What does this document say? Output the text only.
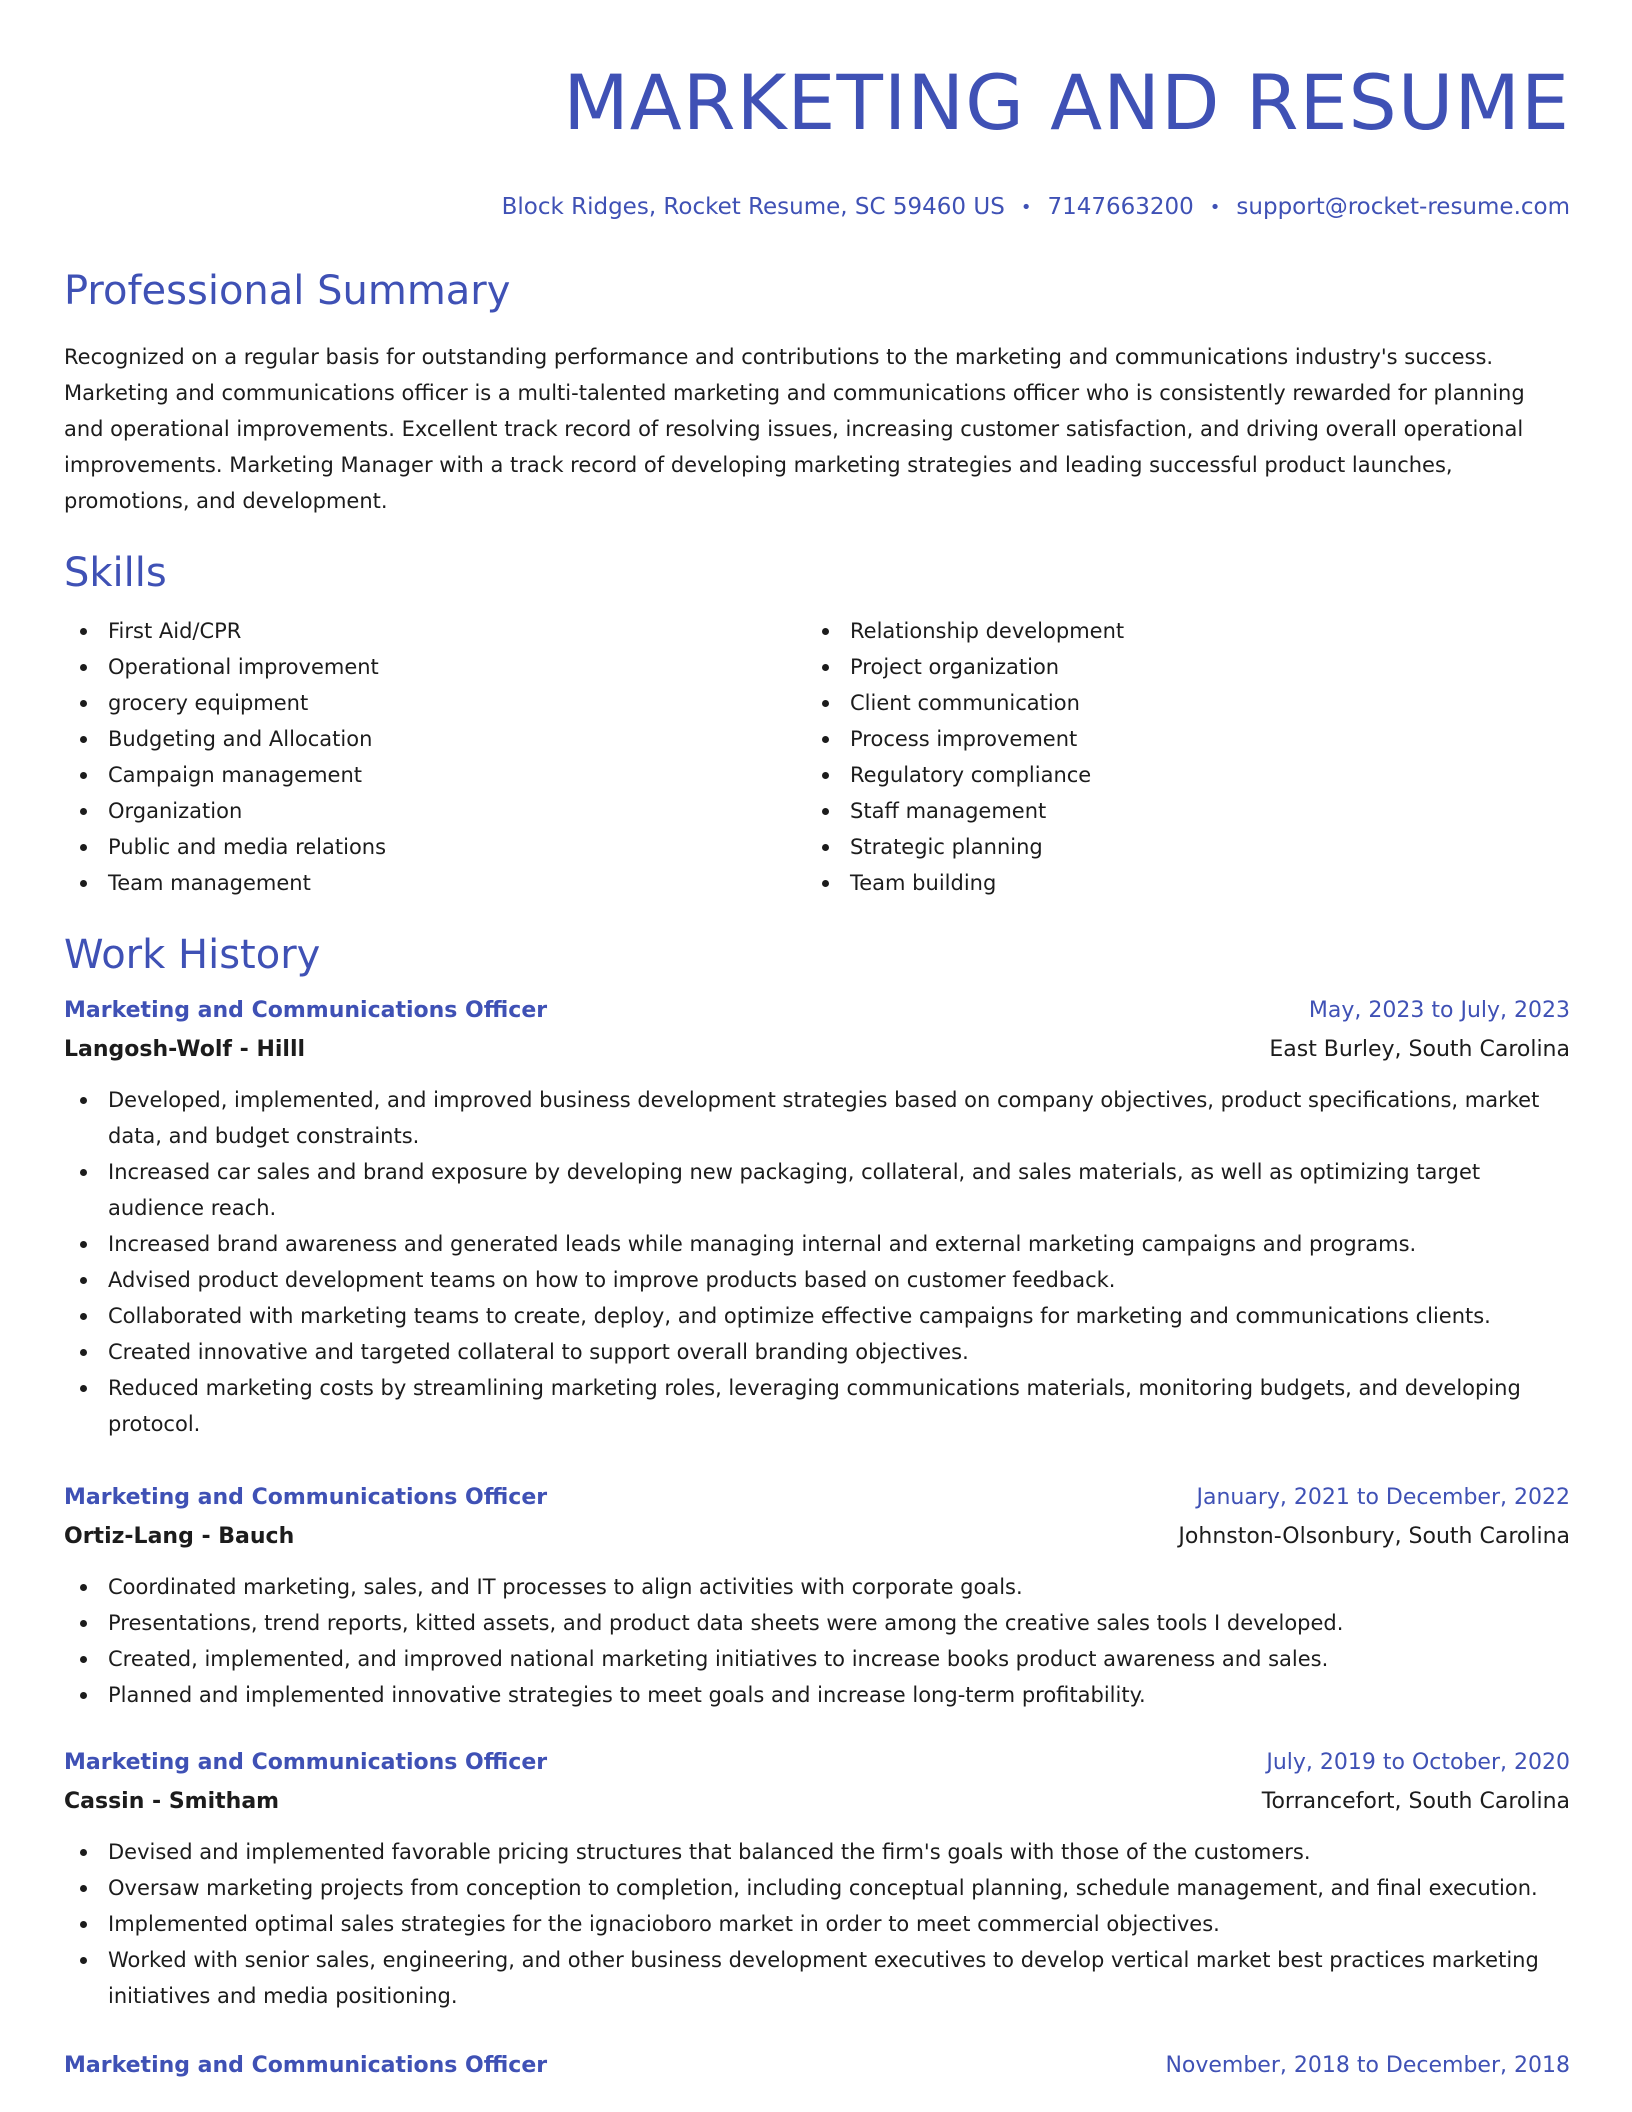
MARKETING AND RESUME
Block Ridges, Rocket Resume, SC 59460 US • 7147663200 • support@rocket-resume.com
Professional Summary
Recognized on a regular basis for outstanding performance and contributions to the marketing and communications industry's success. Marketing and communications officer is a multi-talented marketing and communications officer who is consistently rewarded for planning and operational improvements. Excellent track record of resolving issues, increasing customer satisfaction, and driving overall operational improvements. Marketing Manager with a track record of developing marketing strategies and leading successful product launches, promotions, and development.
Skills
First Aid/CPR
Operational improvement
grocery equipment
Budgeting and Allocation
Campaign management
Organization
Public and media relations
Team management
Relationship development
Project organization
Client communication
Process improvement
Regulatory compliance
Staff management
Strategic planning
Team building
Work History
Marketing and Communications Officer	May, 2023 to July, 2023
Langosh-Wolf - Hilll	East Burley, South Carolina
Developed, implemented, and improved business development strategies based on company objectives, product specifications, market data, and budget constraints.
Increased car sales and brand exposure by developing new packaging, collateral, and sales materials, as well as optimizing target audience reach.
Increased brand awareness and generated leads while managing internal and external marketing campaigns and programs.
Advised product development teams on how to improve products based on customer feedback.
Collaborated with marketing teams to create, deploy, and optimize effective campaigns for marketing and communications clients.
Created innovative and targeted collateral to support overall branding objectives.
Reduced marketing costs by streamlining marketing roles, leveraging communications materials, monitoring budgets, and developing protocol.
Marketing and Communications Officer	January, 2021 to December, 2022
Ortiz-Lang - Bauch	Johnston-Olsonbury, South Carolina
Coordinated marketing, sales, and IT processes to align activities with corporate goals.
Presentations, trend reports, kitted assets, and product data sheets were among the creative sales tools I developed.
Created, implemented, and improved national marketing initiatives to increase books product awareness and sales.
Planned and implemented innovative strategies to meet goals and increase long-term profitability.
Marketing and Communications Officer	July, 2019 to October, 2020
Cassin - Smitham	Torrancefort, South Carolina
Devised and implemented favorable pricing structures that balanced the firm's goals with those of the customers.
Oversaw marketing projects from conception to completion, including conceptual planning, schedule management, and final execution.
Implemented optimal sales strategies for the ignacioboro market in order to meet commercial objectives.
Worked with senior sales, engineering, and other business development executives to develop vertical market best practices marketing initiatives and media positioning.
Marketing and Communications Officer	November, 2018 to December, 2018
